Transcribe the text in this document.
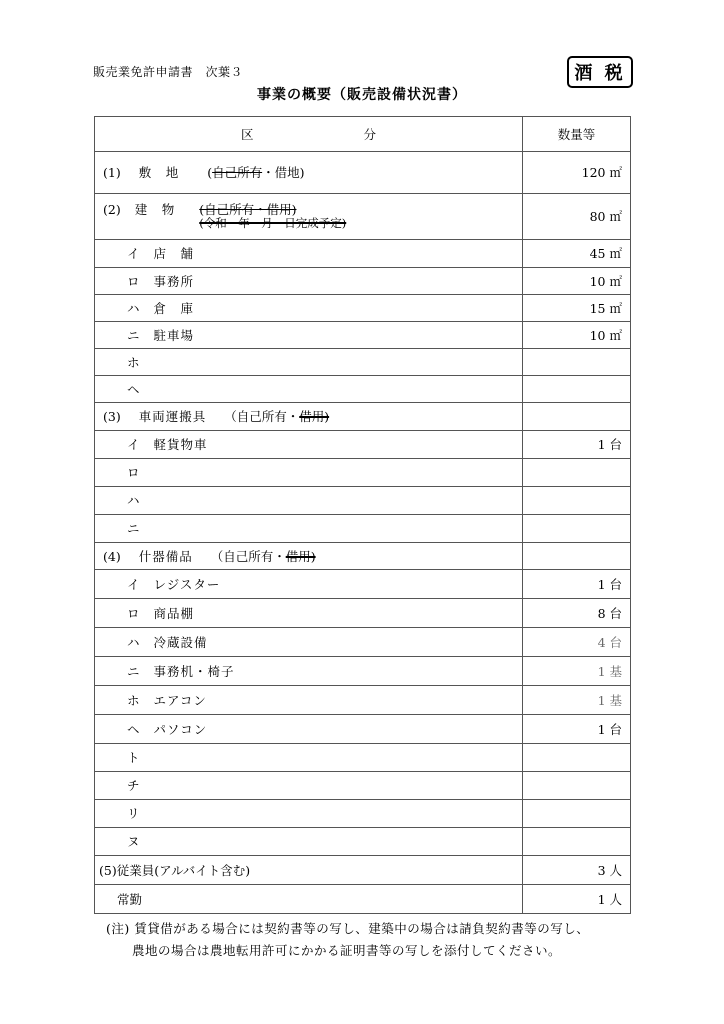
販売業免許申請書　次葉３	酒 税
事業の概要（販売設備状況書）
区 分	数量等
(1) 敷　地 (自己所有・借地)	120 ㎡

(2) 建　物 (自己所有・借用)
(令和　年　月　日完成予定)	80 ㎡
イ 店　舗	45 ㎡
ロ 事務所	10 ㎡
ハ 倉　庫	15 ㎡
ニ 駐車場	10 ㎡
ホ	
ヘ	
(3) 車両運搬具 （自己所有・借用)	
イ 軽貨物車	1 台
ロ	
ハ	
ニ	
(4) 什器備品 （自己所有・借用)	
イ レジスター	1 台
ロ 商品棚	8 台
ハ 冷蔵設備	4 台
ニ 事務机・椅子	1 基
ホ エアコン	1 基
ヘ パソコン	1 台
ト	
チ	
リ	
ヌ	
(5)従業員(アルバイト含む)	3 人
常勤	1 人
(注) 賃貸借がある場合には契約書等の写し、建築中の場合は請負契約書等の写し、
農地の場合は農地転用許可にかかる証明書等の写しを添付してください。
